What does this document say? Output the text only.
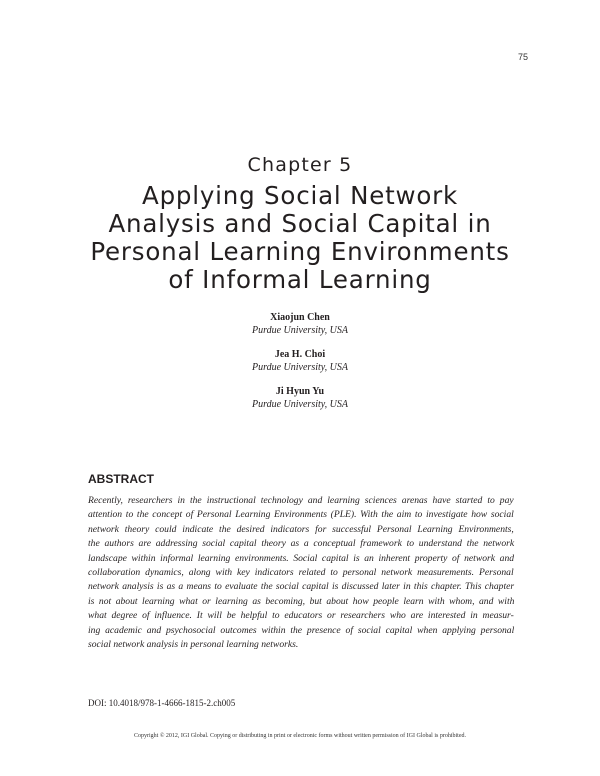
75
Chapter 5
Applying Social Network
Analysis and Social Capital in
Personal Learning Environments
of Informal Learning
Xiaojun Chen
Purdue University, USA
Jea H. Choi
Purdue University, USA
Ji Hyun Yu
Purdue University, USA
ABSTRACT

Recently, researchers in the instructional technology and learning sciences arenas have started to pay
attention to the concept of Personal Learning Environments (PLE). With the aim to investigate how social
network theory could indicate the desired indicators for successful Personal Learning Environments,
the authors are addressing social capital theory as a conceptual framework to understand the network
landscape within informal learning environments. Social capital is an inherent property of network and
collaboration dynamics, along with key indicators related to personal network measurements. Personal
network analysis is as a means to evaluate the social capital is discussed later in this chapter. This chapter
is not about learning what or learning as becoming, but about how people learn with whom, and with
what degree of influence. It will be helpful to educators or researchers who are interested in measur-
ing academic and psychosocial outcomes within the presence of social capital when applying personal
social network analysis in personal learning networks.

DOI: 10.4018/978-1-4666-1815-2.ch005
Copyright © 2012, IGI Global. Copying or distributing in print or electronic forms without written permission of IGI Global is prohibited.
